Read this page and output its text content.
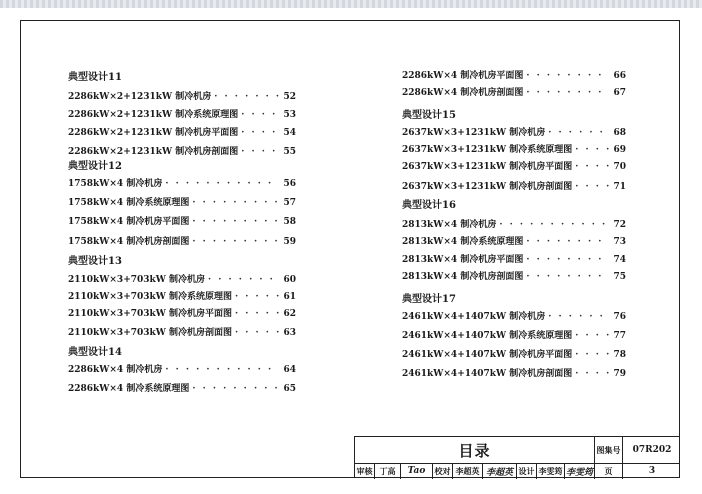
典型设计11
2286kW×2+1231kW 制冷机房 · · ·	52
2286kW×2+1231kW 制冷系统原理图 · · ·	53
2286kW×2+1231kW 制冷机房平面图 · · ·	54
2286kW×2+1231kW 制冷机房剖面图 · · ·	55
典型设计12
1758kW×4 制冷机房 · · ·	56
1758kW×4 制冷系统原理图 · · ·	57
1758kW×4 制冷机房平面图 · · ·	58
1758kW×4 制冷机房剖面图 · · ·	59
典型设计13
2110kW×3+703kW 制冷机房 · · ·	60
2110kW×3+703kW 制冷系统原理图 · · ·	61
2110kW×3+703kW 制冷机房平面图 · · ·	62
2110kW×3+703kW 制冷机房剖面图 · · ·	63
典型设计14
2286kW×4 制冷机房 · · ·	64
2286kW×4 制冷系统原理图 · · ·	65
2286kW×4 制冷机房平面图 · · ·	66
2286kW×4 制冷机房剖面图 · · ·	67
典型设计15
2637kW×3+1231kW 制冷机房 · · ·	68
2637kW×3+1231kW 制冷系统原理图 · · ·	69
2637kW×3+1231kW 制冷机房平面图 · · ·	70
2637kW×3+1231kW 制冷机房剖面图 · · ·	71
典型设计16
2813kW×4 制冷机房 · · ·	72
2813kW×4 制冷系统原理图 · · ·	73
2813kW×4 制冷机房平面图 · · ·	74
2813kW×4 制冷机房剖面图 · · ·	75
典型设计17
2461kW×4+1407kW 制冷机房 · · ·	76
2461kW×4+1407kW 制冷系统原理图 · · ·	77
2461kW×4+1407kW 制冷机房平面图 · · ·	78
2461kW×4+1407kW 制冷机房剖面图 · · ·	79
目录	图集号	07R202
审核 丁高	Tao	校对 李超英 李超英 设计 李雯筠 李雯筠	页	3
